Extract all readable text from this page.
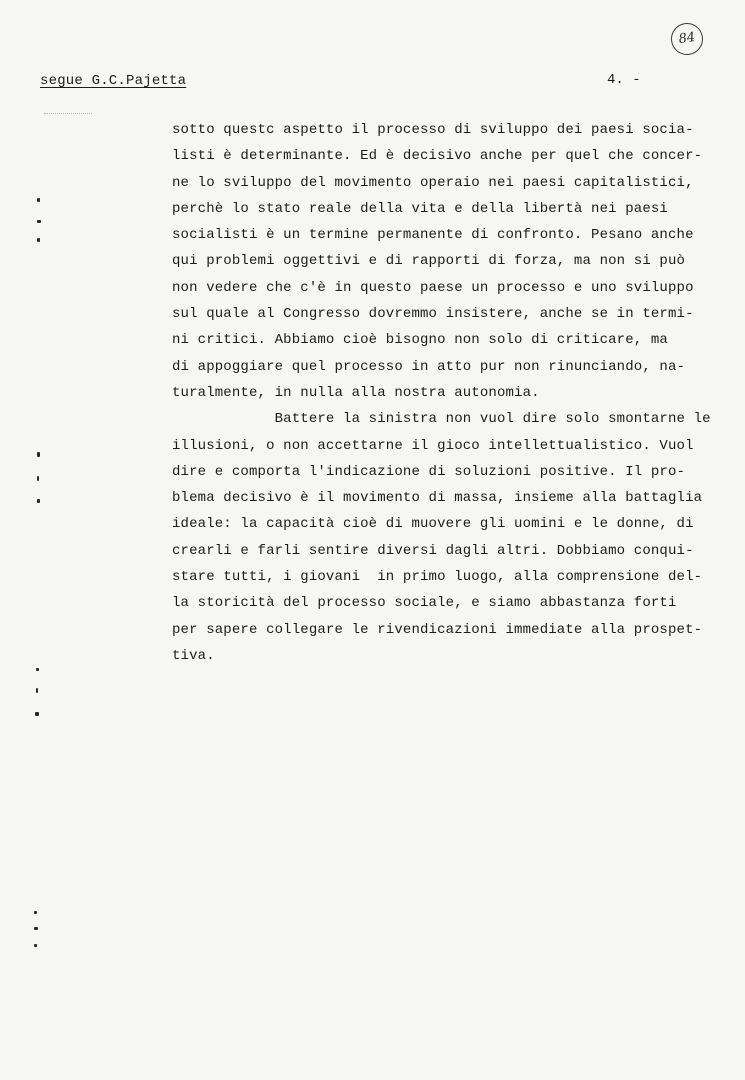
segue G.C.Pajetta	4. -
84
sotto questc aspetto il processo di sviluppo dei paesi socia-
listi è determinante. Ed è decisivo anche per quel che concer-
ne lo sviluppo del movimento operaio nei paesi capitalistici,
perchè lo stato reale della vita e della libertà nei paesi
socialisti è un termine permanente di confronto. Pesano anche
qui problemi oggettivi e di rapporti di forza, ma non si può
non vedere che c'è in questo paese un processo e uno sviluppo
sul quale al Congresso dovremmo insistere, anche se in termi-
ni critici. Abbiamo cioè bisogno non solo di criticare, ma
di appoggiare quel processo in atto pur non rinunciando, na-
turalmente, in nulla alla nostra autonomia.
Battere la sinistra non vuol dire solo smontarne le
illusioni, o non accettarne il gioco intellettualistico. Vuol
dire e comporta l'indicazione di soluzioni positive. Il pro-
blema decisivo è il movimento di massa, insieme alla battaglia
ideale: la capacità cioè di muovere gli uomini e le donne, di
crearli e farli sentire diversi dagli altri. Dobbiamo conqui-
stare tutti, i giovani  in primo luogo, alla comprensione del-
la storicità del processo sociale, e siamo abbastanza forti
per sapere collegare le rivendicazioni immediate alla prospet-
tiva.
